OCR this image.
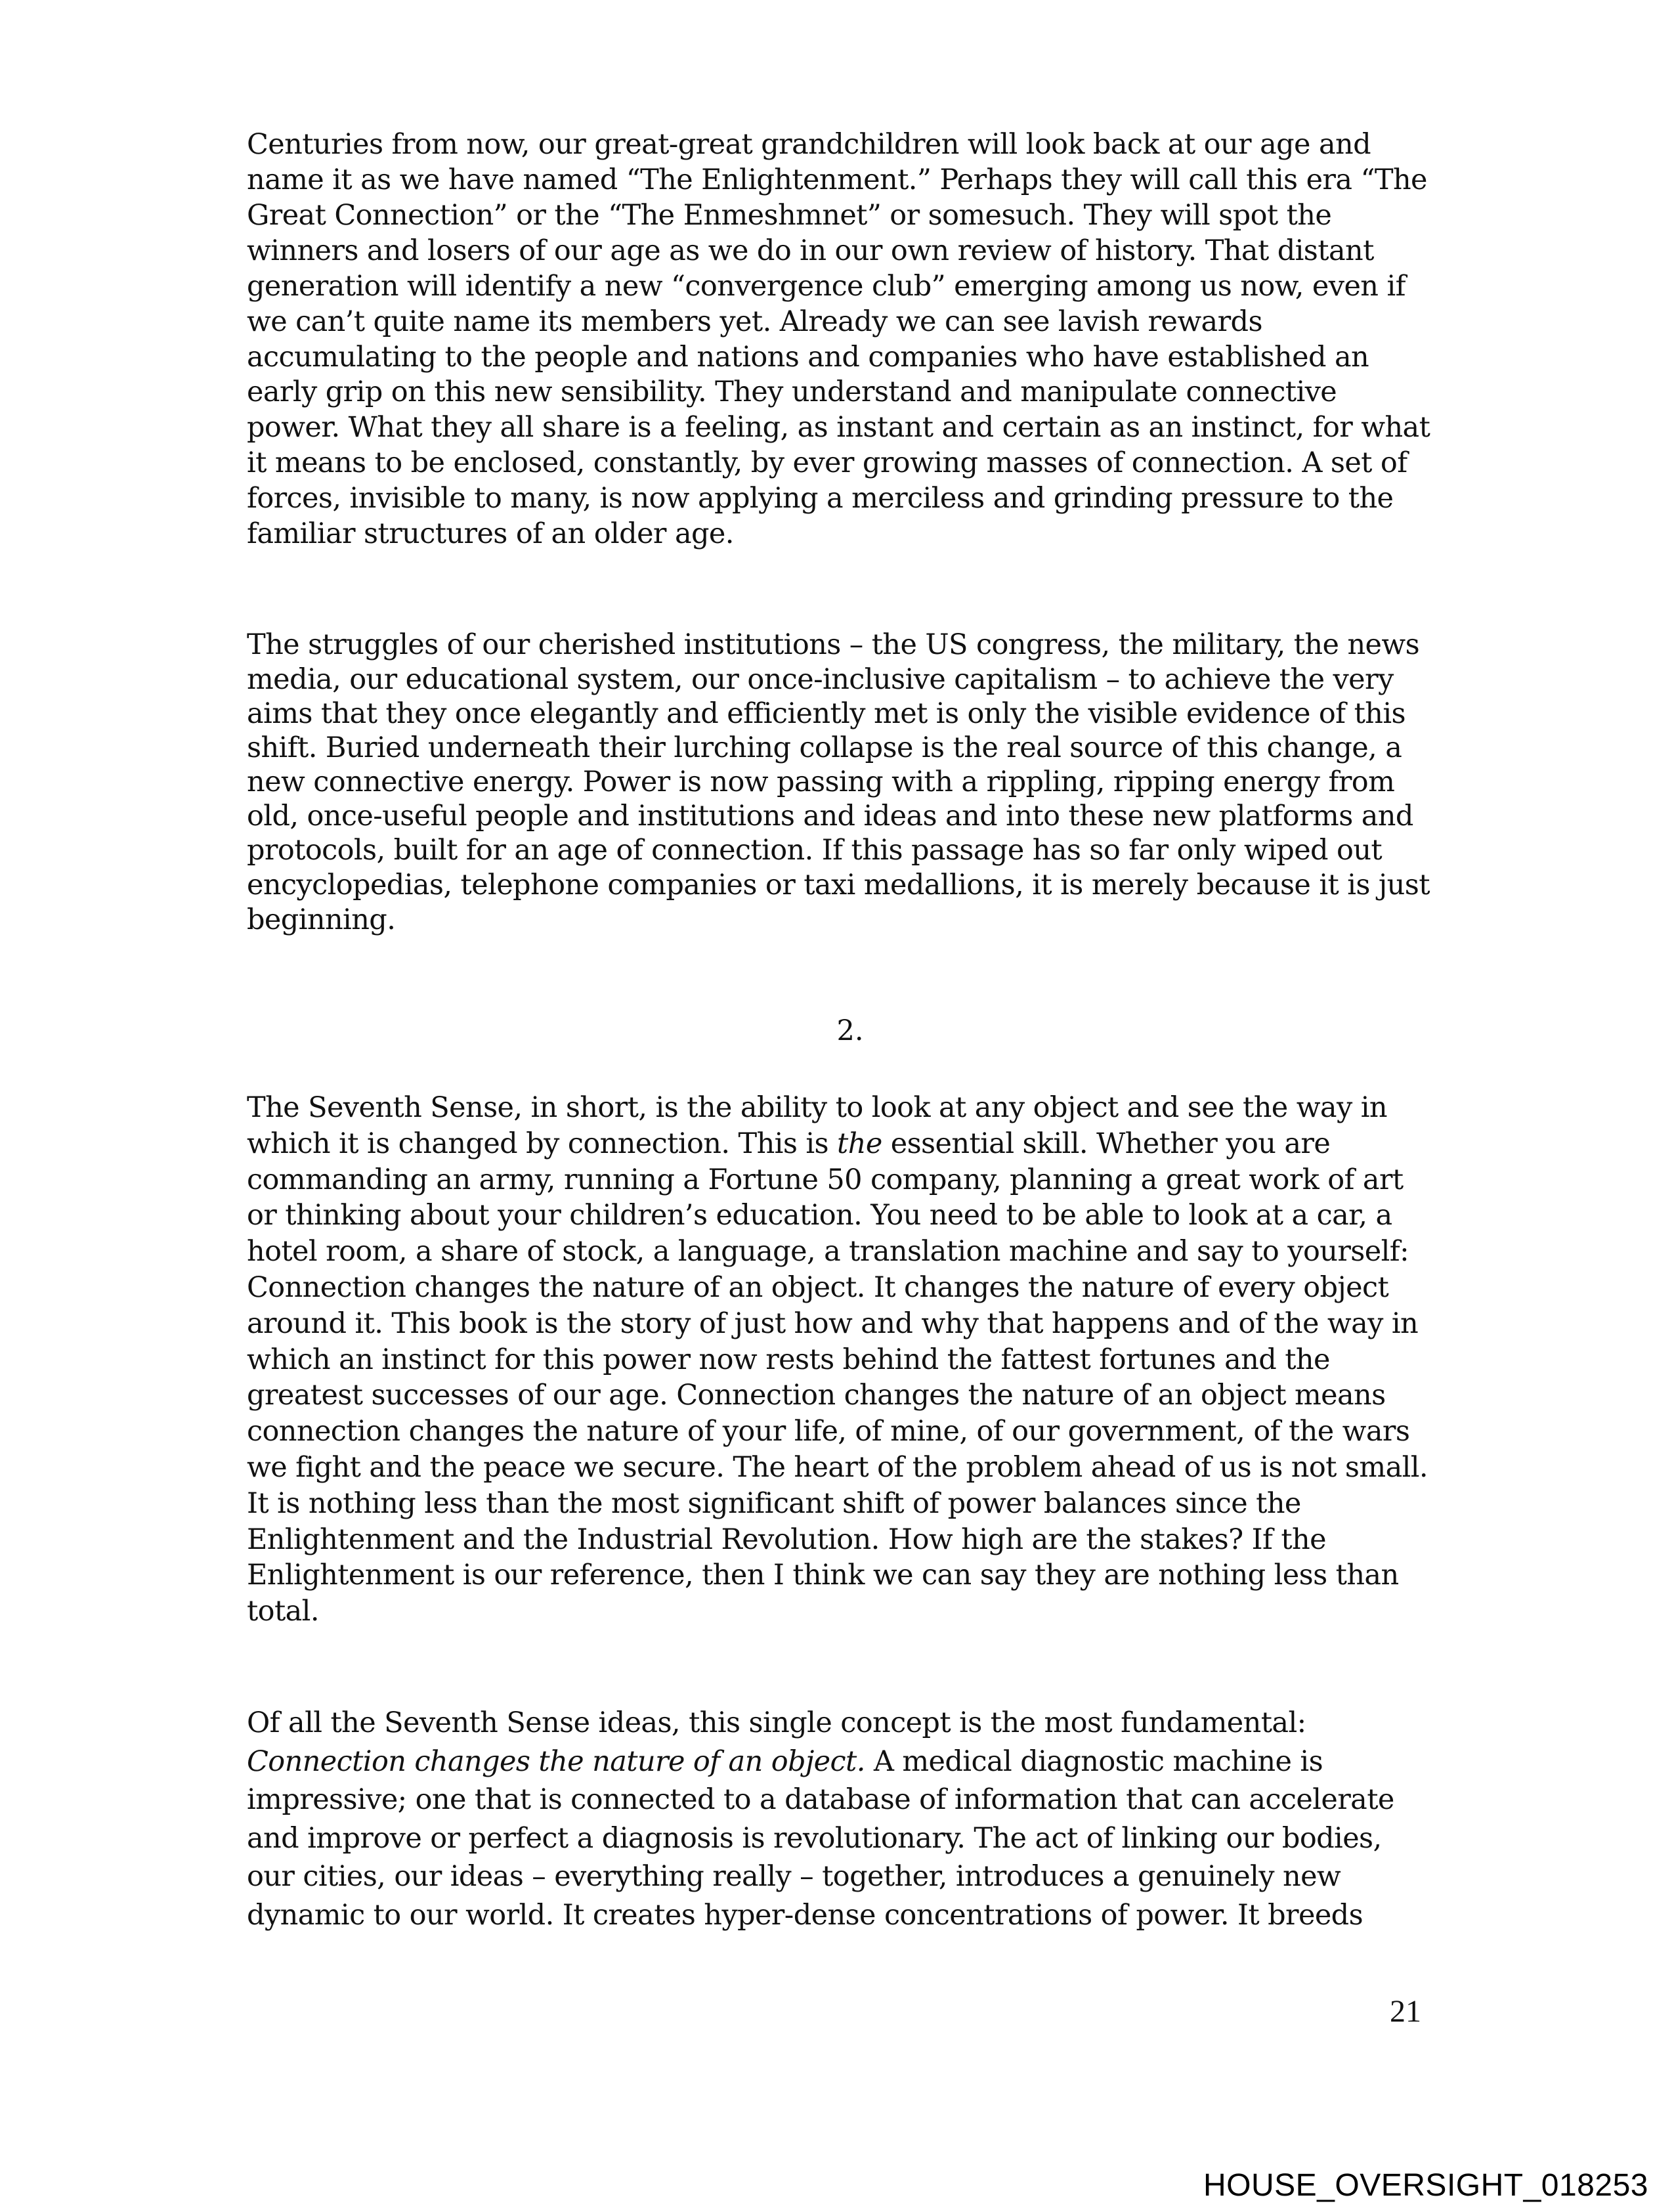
Centuries from now, our great-great grandchildren will look back at our age and
name it as we have named “The Enlightenment.” Perhaps they will call this era “The
Great Connection” or the “The Enmeshmnet” or somesuch. They will spot the
winners and losers of our age as we do in our own review of history. That distant
generation will identify a new “convergence club” emerging among us now, even if
we can’t quite name its members yet. Already we can see lavish rewards
accumulating to the people and nations and companies who have established an
early grip on this new sensibility. They understand and manipulate connective
power. What they all share is a feeling, as instant and certain as an instinct, for what
it means to be enclosed, constantly, by ever growing masses of connection. A set of
forces, invisible to many, is now applying a merciless and grinding pressure to the
familiar structures of an older age.
The struggles of our cherished institutions – the US congress, the military, the news
media, our educational system, our once-inclusive capitalism – to achieve the very
aims that they once elegantly and efficiently met is only the visible evidence of this
shift. Buried underneath their lurching collapse is the real source of this change, a
new connective energy. Power is now passing with a rippling, ripping energy from
old, once-useful people and institutions and ideas and into these new platforms and
protocols, built for an age of connection. If this passage has so far only wiped out
encyclopedias, telephone companies or taxi medallions, it is merely because it is just
beginning.
2.
The Seventh Sense, in short, is the ability to look at any object and see the way in
which it is changed by connection. This is the essential skill. Whether you are
commanding an army, running a Fortune 50 company, planning a great work of art
or thinking about your children’s education. You need to be able to look at a car, a
hotel room, a share of stock, a language, a translation machine and say to yourself:
Connection changes the nature of an object. It changes the nature of every object
around it. This book is the story of just how and why that happens and of the way in
which an instinct for this power now rests behind the fattest fortunes and the
greatest successes of our age. Connection changes the nature of an object means
connection changes the nature of your life, of mine, of our government, of the wars
we fight and the peace we secure. The heart of the problem ahead of us is not small.
It is nothing less than the most significant shift of power balances since the
Enlightenment and the Industrial Revolution. How high are the stakes? If the
Enlightenment is our reference, then I think we can say they are nothing less than
total.
Of all the Seventh Sense ideas, this single concept is the most fundamental:
Connection changes the nature of an object. A medical diagnostic machine is
impressive; one that is connected to a database of information that can accelerate
and improve or perfect a diagnosis is revolutionary. The act of linking our bodies,
our cities, our ideas – everything really – together, introduces a genuinely new
dynamic to our world. It creates hyper-dense concentrations of power. It breeds
21
HOUSE_OVERSIGHT_018253
